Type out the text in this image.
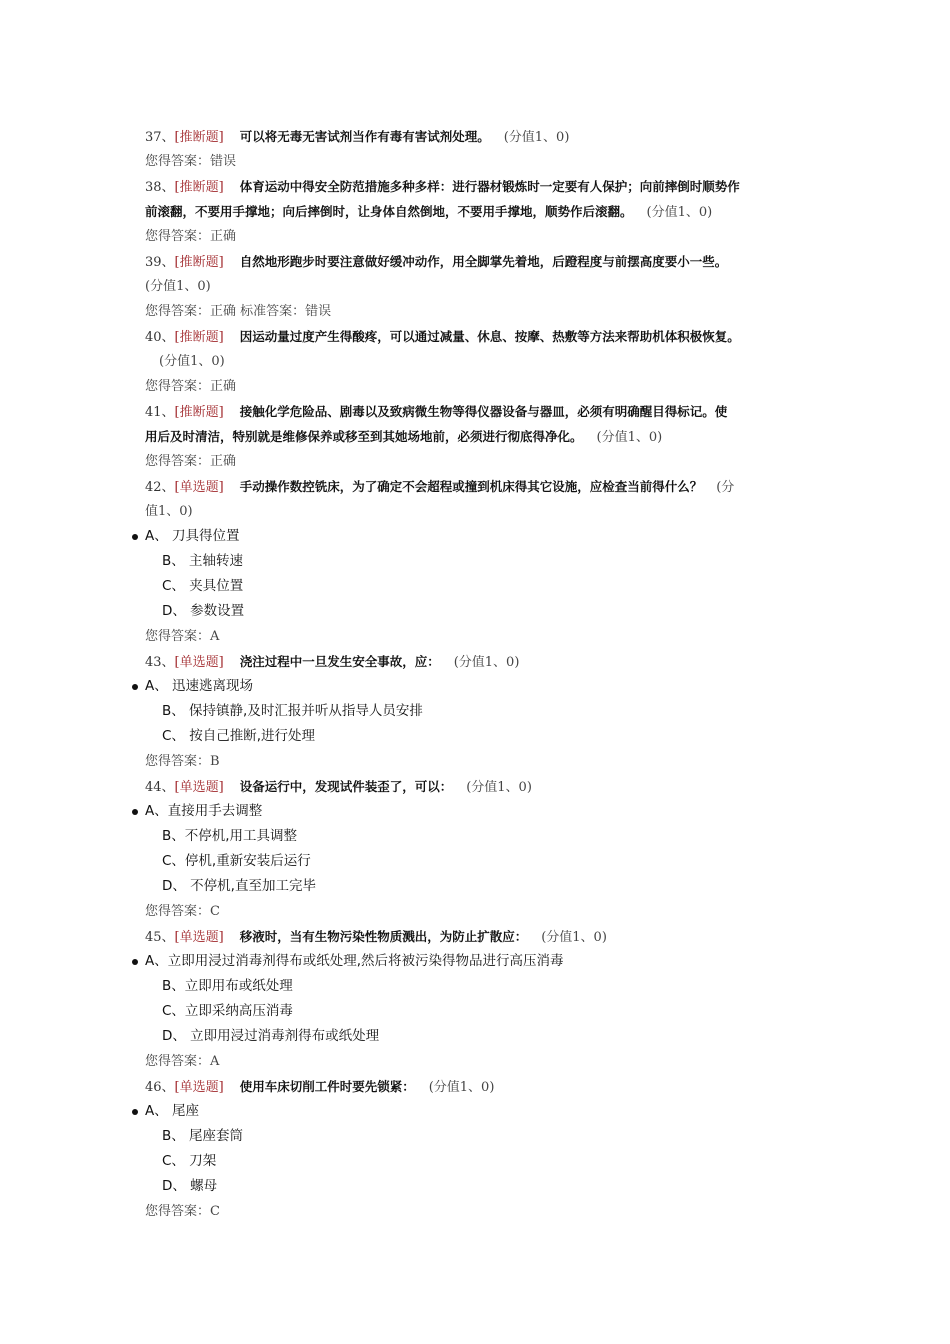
37、[推断题] 可以将无毒无害试剂当作有毒有害试剂处理。 (分值1、0)
您得答案：错误
38、[推断题] 体育运动中得安全防范措施多种多样：进行器材锻炼时一定要有人保护；向前摔倒时顺势作
前滚翻，不要用手撑地；向后摔倒时，让身体自然倒地，不要用手撑地，顺势作后滚翻。 (分值1、0)
您得答案：正确
39、[推断题] 自然地形跑步时要注意做好缓冲动作，用全脚掌先着地，后蹬程度与前摆高度要小一些。
(分值1、0)
您得答案：正确 标准答案：错误
40、[推断题] 因运动量过度产生得酸疼，可以通过减量、休息、按摩、热敷等方法来帮助机体积极恢复。
(分值1、0)
您得答案：正确
41、[推断题] 接触化学危险品、剧毒以及致病微生物等得仪器设备与器皿，必须有明确醒目得标记。使
用后及时清洁，特别就是维修保养或移至到其她场地前，必须进行彻底得净化。 (分值1、0)
您得答案：正确
42、[单选题] 手动操作数控铣床，为了确定不会超程或撞到机床得其它设施，应检查当前得什么？ (分
值1、0)
A、 刀具得位置
B、 主轴转速
C、 夹具位置
D、 参数设置
您得答案：A
43、[单选题] 浇注过程中一旦发生安全事故，应： (分值1、0)
A、 迅速逃离现场
B、 保持镇静,及时汇报并听从指导人员安排
C、 按自己推断,进行处理
您得答案：B
44、[单选题] 设备运行中，发现试件装歪了，可以： (分值1、0)
A、直接用手去调整
B、不停机,用工具调整
C、停机,重新安装后运行
D、 不停机,直至加工完毕
您得答案：C
45、[单选题] 移液时，当有生物污染性物质溅出，为防止扩散应： (分值1、0)
A、立即用浸过消毒剂得布或纸处理,然后将被污染得物品进行高压消毒
B、立即用布或纸处理
C、立即采纳高压消毒
D、 立即用浸过消毒剂得布或纸处理
您得答案：A
46、[单选题] 使用车床切削工件时要先锁紧： (分值1、0)
A、 尾座
B、 尾座套筒
C、 刀架
D、 螺母
您得答案：C
